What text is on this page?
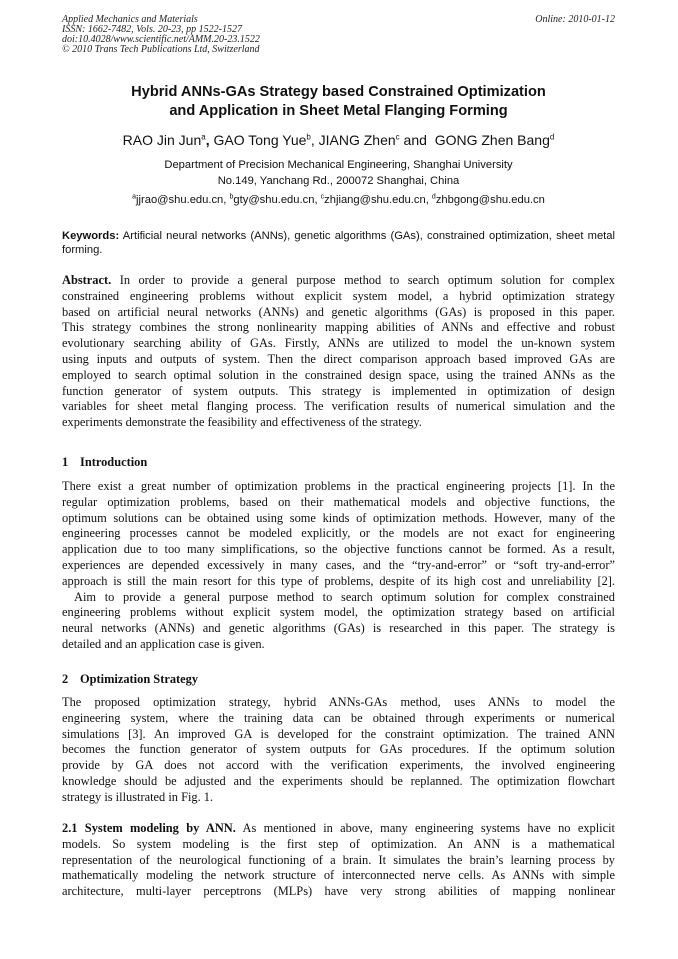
Applied Mechanics and Materials
ISSN: 1662-7482, Vols. 20-23, pp 1522-1527
doi:10.4028/www.scientific.net/AMM.20-23.1522
© 2010 Trans Tech Publications Ltd, Switzerland
Online: 2010-01-12
Hybrid ANNs-GAs Strategy based Constrained Optimization
and Application in Sheet Metal Flanging Forming
RAO Jin Jun$^a$, GAO Tong Yue$^b$, JIANG Zhen$^c$ and GONG Zhen Bang$^d$
Department of Precision Mechanical Engineering, Shanghai University
No.149, Yanchang Rd., 200072 Shanghai, China
$^a$jjrao@shu.edu.cn, $^b$gty@shu.edu.cn, $^c$zhjiang@shu.edu.cn, $^d$zhbgong@shu.edu.cn
Keywords: Artificial neural networks (ANNs), genetic algorithms (GAs), constrained optimization, sheet metal forming.
Abstract. In order to provide a general purpose method to search optimum solution for complex
constrained engineering problems without explicit system model, a hybrid optimization strategy
based on artificial neural networks (ANNs) and genetic algorithms (GAs) is proposed in this paper.
This strategy combines the strong nonlinearity mapping abilities of ANNs and effective and robust
evolutionary searching ability of GAs. Firstly, ANNs are utilized to model the un-known system
using inputs and outputs of system. Then the direct comparison approach based improved GAs are
employed to search optimal solution in the constrained design space, using the trained ANNs as the
function generator of system outputs. This strategy is implemented in optimization of design
variables for sheet metal flanging process. The verification results of numerical simulation and the
experiments demonstrate the feasibility and effectiveness of the strategy.
1 Introduction
There exist a great number of optimization problems in the practical engineering projects [1]. In the
regular optimization problems, based on their mathematical models and objective functions, the
optimum solutions can be obtained using some kinds of optimization methods. However, many of the
engineering processes cannot be modeled explicitly, or the models are not exact for engineering
application due to too many simplifications, so the objective functions cannot be formed. As a result,
experiences are depended excessively in many cases, and the “try-and-error” or “soft try-and-error”
approach is still the main resort for this type of problems, despite of its high cost and unreliability [2].
Aim to provide a general purpose method to search optimum solution for complex constrained
engineering problems without explicit system model, the optimization strategy based on artificial
neural networks (ANNs) and genetic algorithms (GAs) is researched in this paper. The strategy is
detailed and an application case is given.
2 Optimization Strategy
The proposed optimization strategy, hybrid ANNs-GAs method, uses ANNs to model the
engineering system, where the training data can be obtained through experiments or numerical
simulations [3]. An improved GA is developed for the constraint optimization. The trained ANN
becomes the function generator of system outputs for GAs procedures. If the optimum solution
provide by GA does not accord with the verification experiments, the involved engineering
knowledge should be adjusted and the experiments should be replanned. The optimization flowchart
strategy is illustrated in Fig. 1.
2.1 System modeling by ANN. As mentioned in above, many engineering systems have no explicit
models. So system modeling is the first step of optimization. An ANN is a mathematical
representation of the neurological functioning of a brain. It simulates the brain’s learning process by
mathematically modeling the network structure of interconnected nerve cells. As ANNs with simple
architecture, multi-layer perceptrons (MLPs) have very strong abilities of mapping nonlinear
